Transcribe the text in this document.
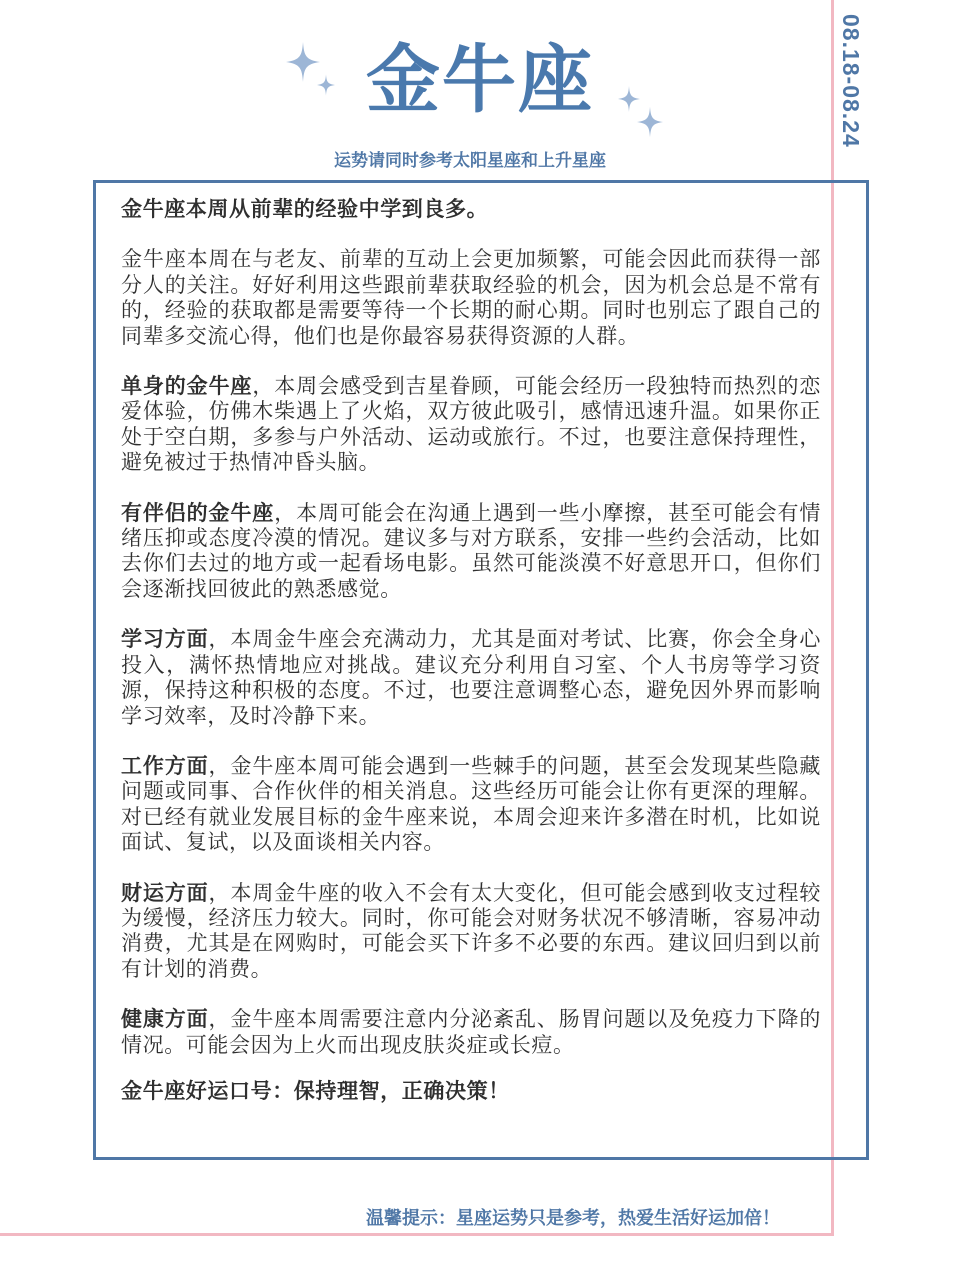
08.18-08.24
金牛座
运势请同时参考太阳星座和上升星座

金牛座本周从前辈的经验中学到良多。

金牛座本周在与老友、前辈的互动上会更加频繁，可能会因此而获得一部分人的关注。好好利用这些跟前辈获取经验的机会，因为机会总是不常有的，经验的获取都是需要等待一个长期的耐心期。同时也别忘了跟自己的同辈多交流心得，他们也是你最容易获得资源的人群。

单身的金牛座，本周会感受到吉星眷顾，可能会经历一段独特而热烈的恋爱体验，仿佛木柴遇上了火焰，双方彼此吸引，感情迅速升温。如果你正处于空白期，多参与户外活动、运动或旅行。不过，也要注意保持理性，避免被过于热情冲昏头脑。

有伴侣的金牛座，本周可能会在沟通上遇到一些小摩擦，甚至可能会有情绪压抑或态度冷漠的情况。建议多与对方联系，安排一些约会活动，比如去你们去过的地方或一起看场电影。虽然可能淡漠不好意思开口，但你们会逐渐找回彼此的熟悉感觉。

学习方面，本周金牛座会充满动力，尤其是面对考试、比赛，你会全身心投入，满怀热情地应对挑战。建议充分利用自习室、个人书房等学习资源，保持这种积极的态度。不过，也要注意调整心态，避免因外界而影响学习效率，及时冷静下来。

工作方面，金牛座本周可能会遇到一些棘手的问题，甚至会发现某些隐藏问题或同事、合作伙伴的相关消息。这些经历可能会让你有更深的理解。对已经有就业发展目标的金牛座来说，本周会迎来许多潜在时机，比如说面试、复试，以及面谈相关内容。

财运方面，本周金牛座的收入不会有太大变化，但可能会感到收支过程较为缓慢，经济压力较大。同时，你可能会对财务状况不够清晰，容易冲动消费，尤其是在网购时，可能会买下许多不必要的东西。建议回归到以前有计划的消费。

健康方面，金牛座本周需要注意内分泌紊乱、肠胃问题以及免疫力下降的情况。可能会因为上火而出现皮肤炎症或长痘。

金牛座好运口号：保持理智，正确决策！

温馨提示：星座运势只是参考，热爱生活好运加倍！
